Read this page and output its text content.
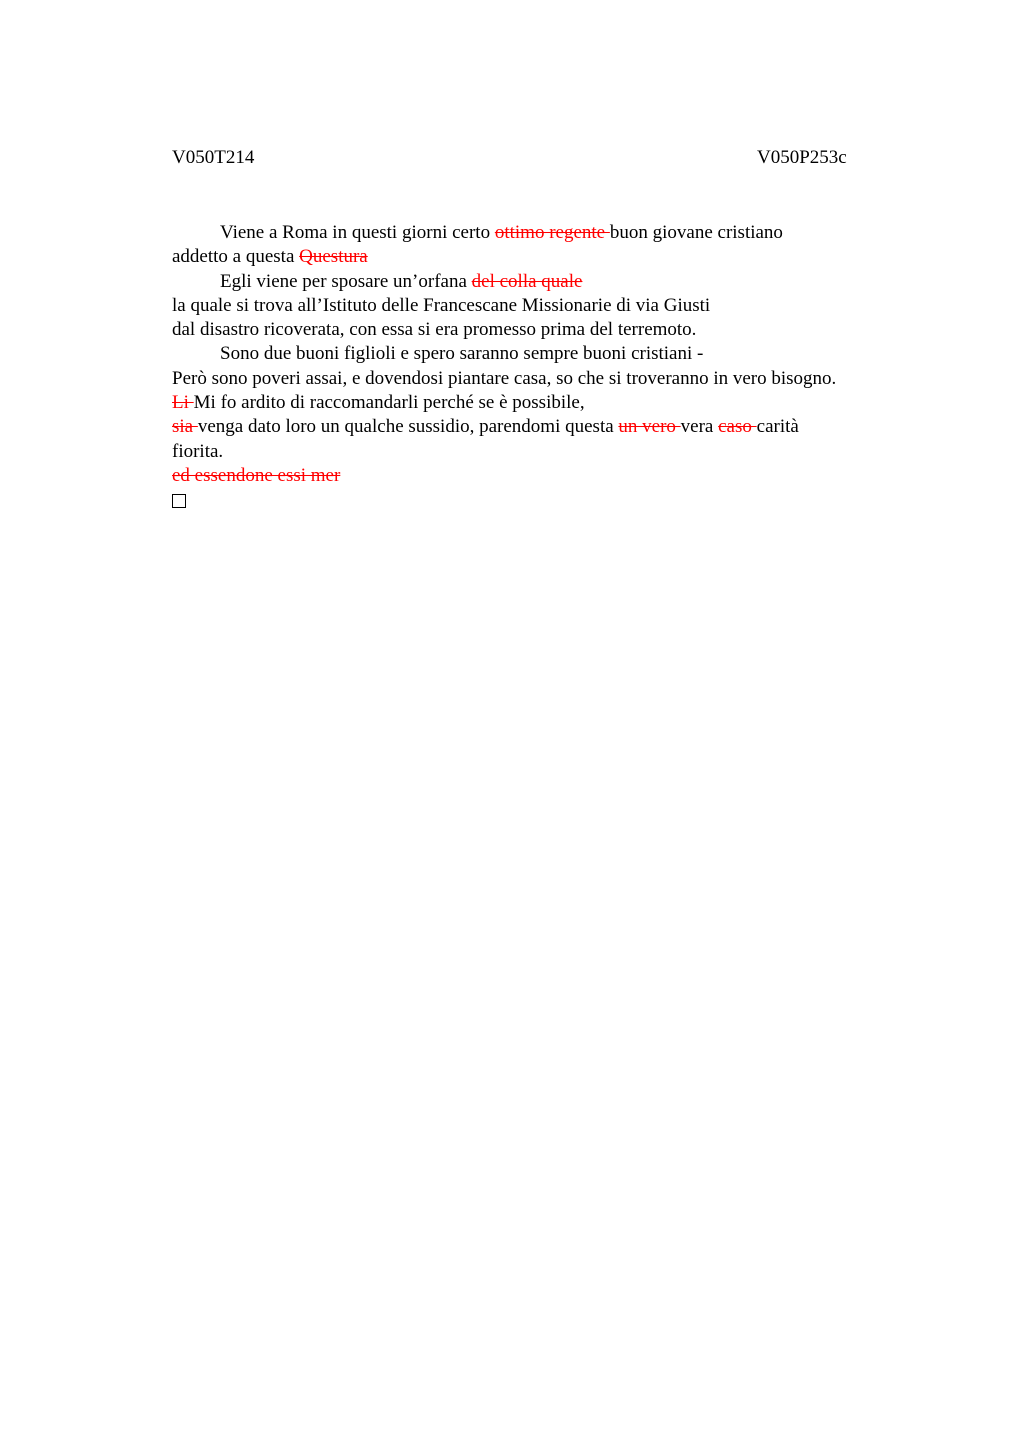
V050T214	V050P253c
Viene a Roma in questi giorni certo ottimo regente buon giovane cristiano
addetto a questa Questura
Egli viene per sposare un’orfana del colla quale
la quale si trova all’Istituto delle Francescane Missionarie di via Giusti
dal disastro ricoverata, con essa si era promesso prima del terremoto.
Sono due buoni figlioli e spero saranno sempre buoni cristiani -
Però sono poveri assai, e dovendosi piantare casa, so che si troveranno in vero bisogno.
Li Mi fo ardito di raccomandarli perché se è possibile,
sia venga dato loro un qualche sussidio, parendomi questa un vero vera caso carità
fiorita.
ed essendone essi mer
